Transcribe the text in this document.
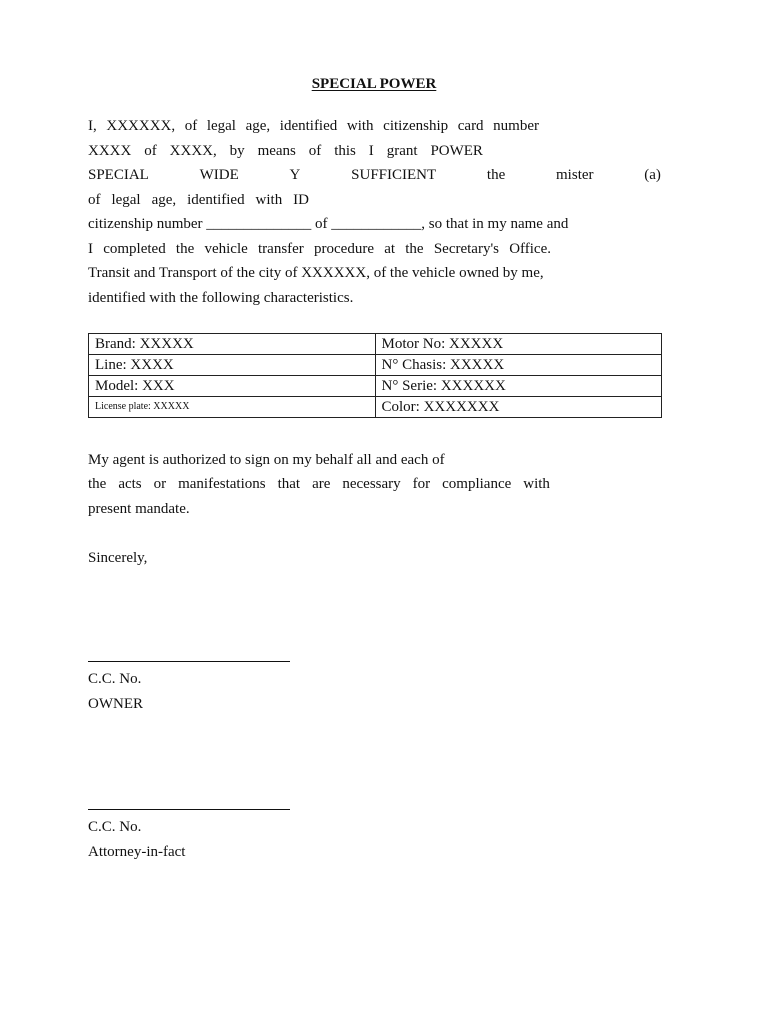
SPECIAL POWER
I, XXXXXX, of legal age, identified with citizenship card number
XXXX of XXXX, by means of this I grant POWER
SPECIAL	WIDE	Y	SUFFICIENT	the	mister	(a)
of legal age, identified with ID
citizenship number ______________ of ____________, so that in my name and
I completed the vehicle transfer procedure at the Secretary's Office.
Transit and Transport of the city of XXXXXX, of the vehicle owned by me,
identified with the following characteristics.
Brand: XXXXX	Motor No: XXXXX
Line: XXXX	N° Chasis: XXXXX
Model: XXX	N° Serie: XXXXXX
License plate: XXXXX	Color: XXXXXXX
My agent is authorized to sign on my behalf all and each of
the acts or manifestations that are necessary for compliance with
present mandate.
Sincerely,
C.C. No.
OWNER
C.C. No.
Attorney-in-fact
